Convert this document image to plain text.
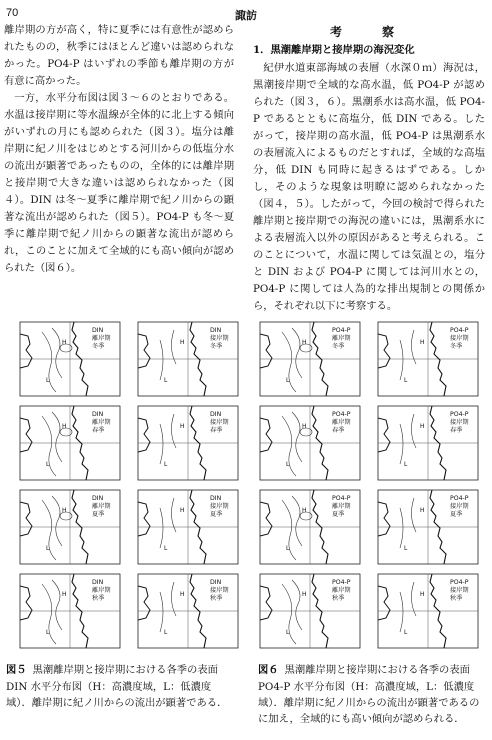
70	諏訪

離岸期の方が高く，特に夏季には有意性が認められたものの，秋季にはほとんど違いは認められなかった。PO4-P はいずれの季節も離岸期の方が有意に高かった。

一方，水平分布図は図３～６のとおりである。水温は接岸期に等水温線が全体的に北上する傾向がいずれの月にも認められた（図３）。塩分は離岸期に紀ノ川をはじめとする河川からの低塩分水の流出が顕著であったものの，全体的には離岸期と接岸期で大きな違いは認められなかった（図４）。DIN は冬～夏季に離岸期で紀ノ川からの顕著な流出が認められた（図５）。PO4-P も冬～夏季に離岸期で紀ノ川からの顕著な流出が認められ，このことに加えて全域的にも高い傾向が認められた（図６）。

考　察

1．黒潮離岸期と接岸期の海況変化

紀伊水道東部海域の表層（水深０ｍ）海況は，黒潮接岸期で全域的な高水温，低 PO4-P が認められた（図３，６）。黒潮系水は高水温，低 PO4-P であるとともに高塩分，低 DIN である。したがって，接岸期の高水温，低 PO4-P は黒潮系水の表層流入によるものだとすれば，全域的な高塩分，低 DIN も同時に起きるはずである。しかし，そのような現象は明瞭に認められなかった（図４，５）。したがって，今回の検討で得られた離岸期と接岸期での海況の違いには，黒潮系水による表層流入以外の原因があると考えられる。このことについて，水温に関しては気温との，塩分と DIN および PO4-P に関しては河川水との，PO4-P に関しては人為的な排出規制との関係から，それぞれ以下に考察する。

H
L
DIN
離岸期
冬季
H
L
DIN
接岸期
冬季
H
L
DIN
離岸期
春季
H
L
DIN
接岸期
春季
H
L
DIN
離岸期
夏季
H
L
DIN
接岸期
夏季
H
L
DIN
離岸期
秋季
H
L
DIN
接岸期
秋季
H
L
PO4-P
離岸期
冬季
H
L
PO4-P
接岸期
冬季
H
L
PO4-P
離岸期
春季
H
L
PO4-P
接岸期
春季
H
L
PO4-P
離岸期
夏季
H
L
PO4-P
接岸期
夏季
H
L
PO4-P
離岸期
秋季
H
L
PO4-P
接岸期
秋季
図５ 黒潮離岸期と接岸期における各季の表面 DIN 水平分布図（H：高濃度域，L：低濃度域）．離岸期に紀ノ川からの流出が顕著である．
図６ 黒潮離岸期と接岸期における各季の表面 PO4-P 水平分布図（H：高濃度域，L：低濃度域）．離岸期に紀ノ川からの流出が顕著であるのに加え，全域的にも高い傾向が認められる．
